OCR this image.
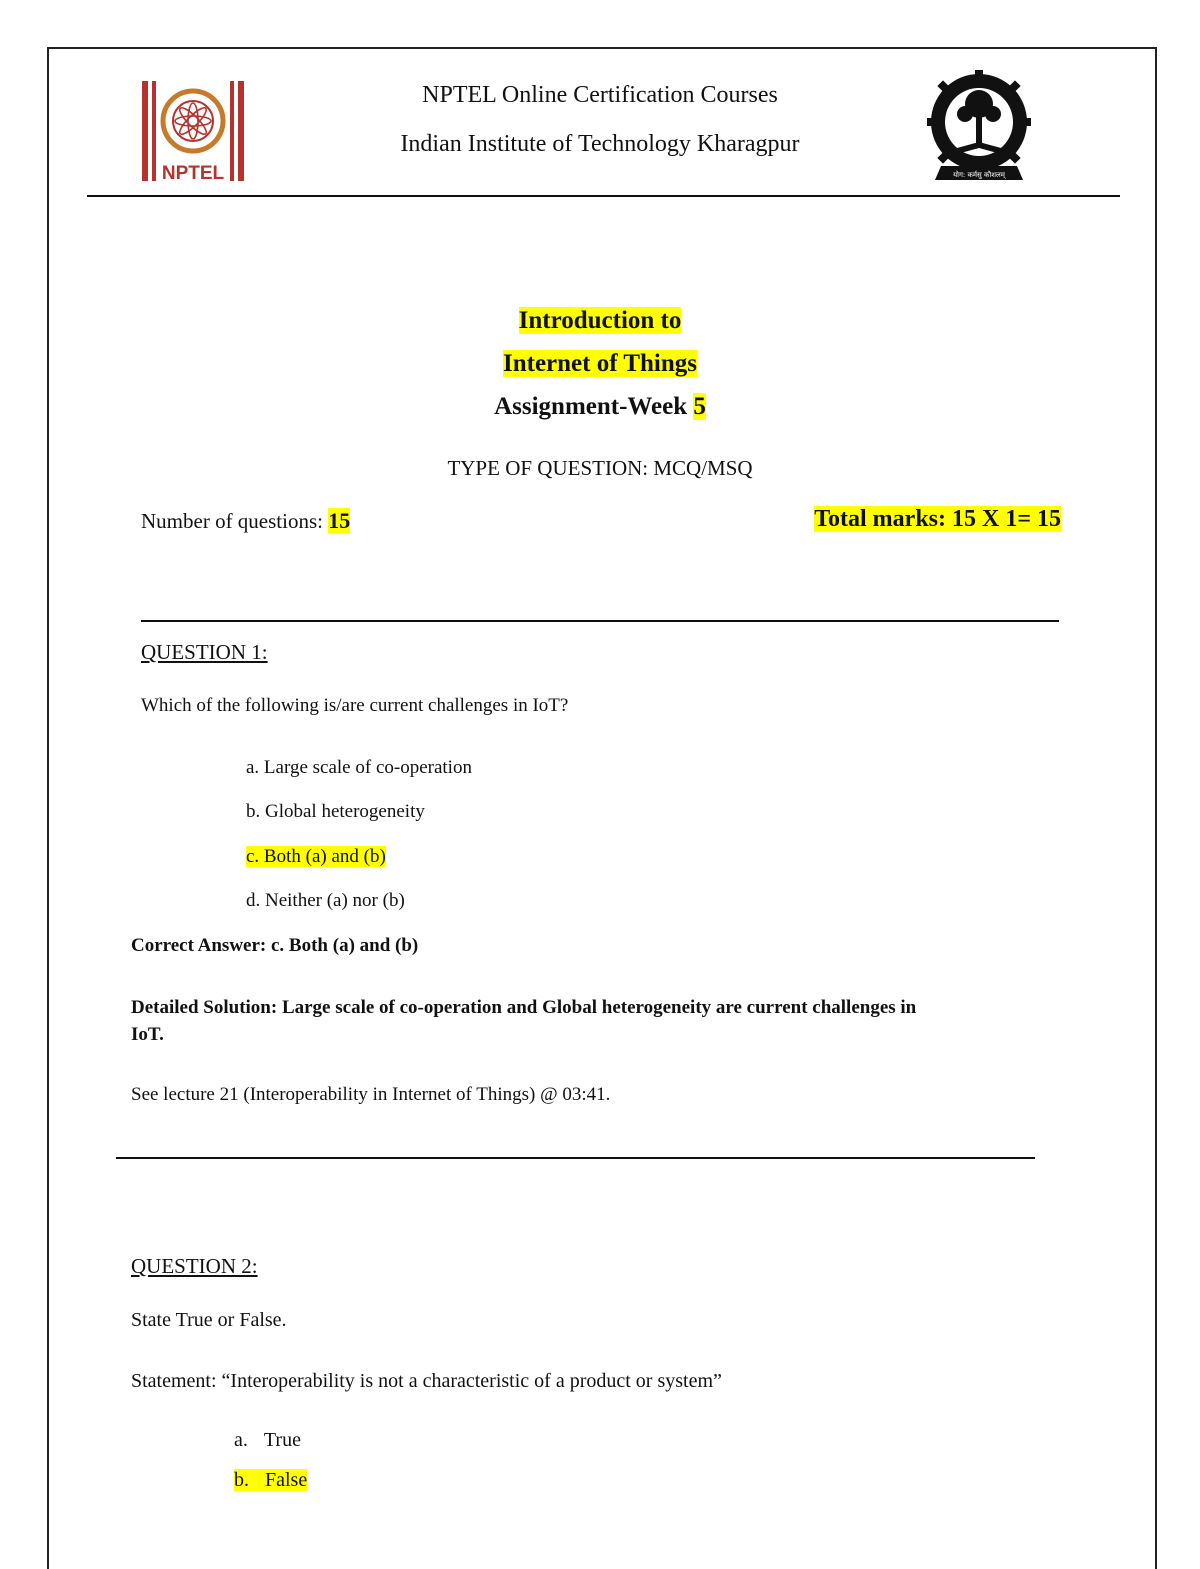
NPTEL
NPTEL Online Certification Courses
Indian Institute of Technology Kharagpur
योग: कर्मसु कौशलम्
Introduction to
Internet of Things
Assignment-Week 5
TYPE OF QUESTION: MCQ/MSQ
Number of questions: 15	Total marks: 15 X 1= 15
QUESTION 1:
Which of the following is/are current challenges in IoT?
a. Large scale of co-operation
b. Global heterogeneity
c. Both (a) and (b)
d. Neither (a) nor (b)
Correct Answer: c. Both (a) and (b)
Detailed Solution: Large scale of co-operation and Global heterogeneity are current challenges in
IoT.
See lecture 21 (Interoperability in Internet of Things) @ 03:41.
QUESTION 2:
State True or False.
Statement: “Interoperability is not a characteristic of a product or system”
a. True
b. False
